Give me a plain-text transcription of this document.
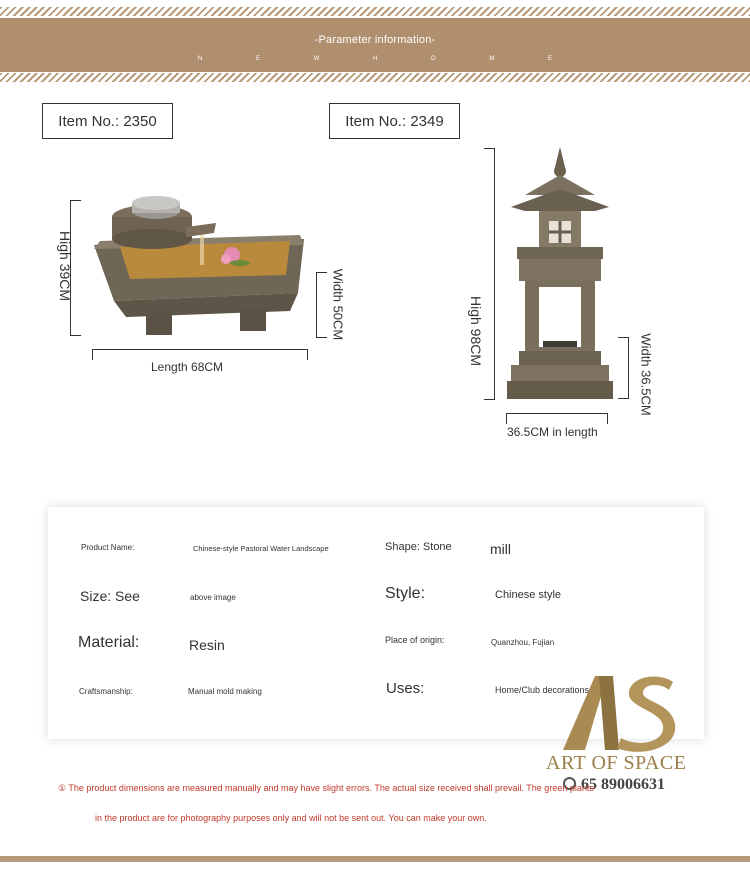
-Parameter information-
N E W H O M E
Item No.: 2350
High 39CM
Width 50CM
Length 68CM
Item No.: 2349
High 98CM
Width 36.5CM
36.5CM in length
Product Name:	Chinese-style Pastoral Water Landscape	Shape: Stone	mill
Size: See	above image	Style:	Chinese style
Material:	Resin	Place of origin:	Quanzhou, Fujian
Craftsmanship:	Manual mold making	Uses:	Home/Club decorations
ART OF SPACE
65 89006631
① The product dimensions are measured manually and may have slight errors. The actual size received shall prevail. The green plants
in the product are for photography purposes only and will not be sent out. You can make your own.
